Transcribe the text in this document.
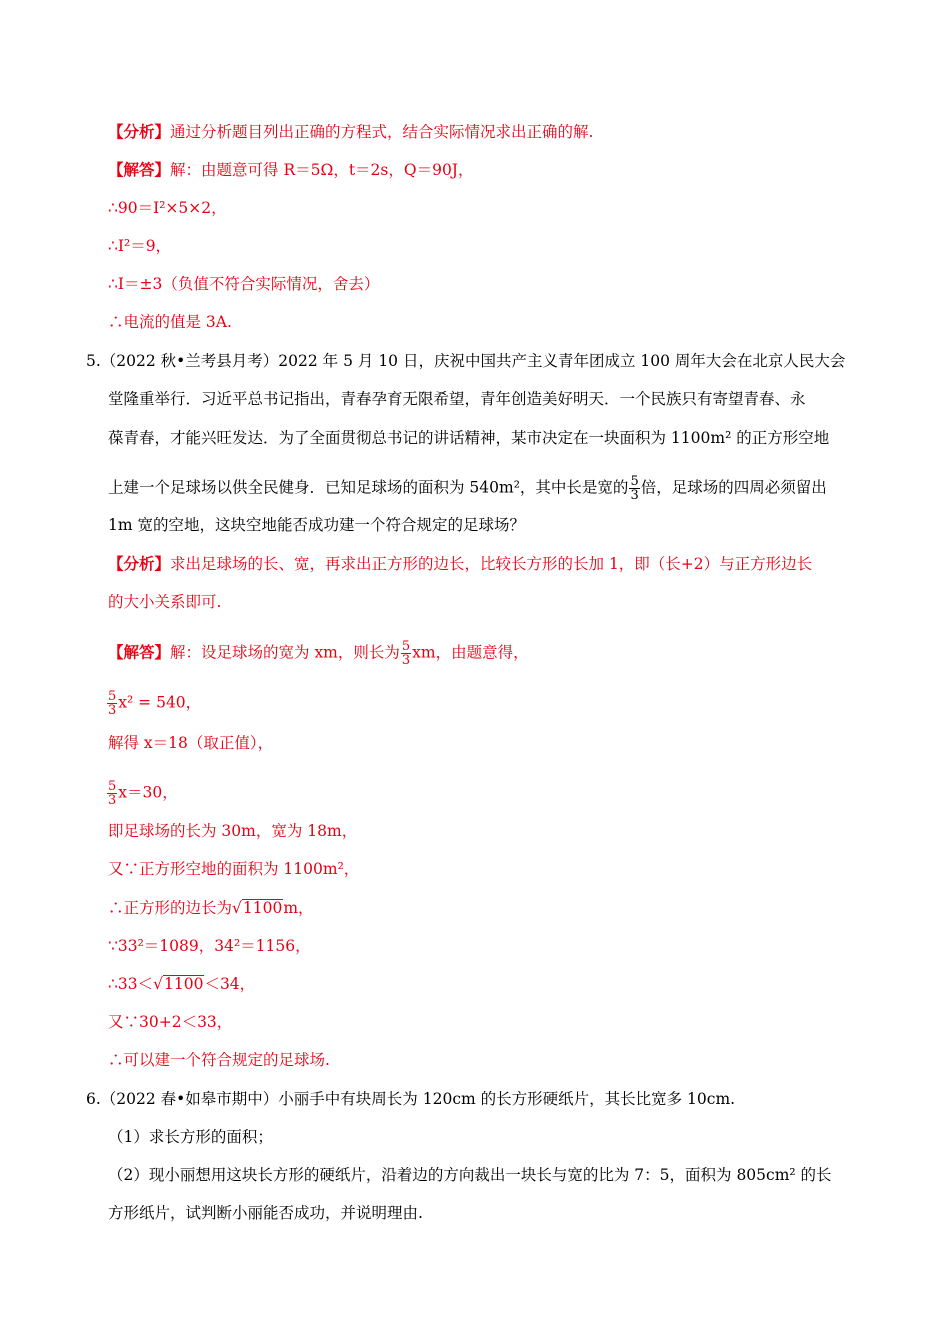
【分析】通过分析题目列出正确的方程式，结合实际情况求出正确的解.
【解答】解：由题意可得 R＝5Ω，t＝2s，Q＝90J，
∴90＝I²×5×2，
∴I²＝9，
∴I＝±3（负值不符合实际情况，舍去）
∴电流的值是 3A.
5.（2022 秋•兰考县月考）2022 年 5 月 10 日，庆祝中国共产主义青年团成立 100 周年大会在北京人民大会
堂隆重举行．习近平总书记指出，青春孕育无限希望，青年创造美好明天．一个民族只有寄望青春、永
葆青春，才能兴旺发达．为了全面贯彻总书记的讲话精神，某市决定在一块面积为 1100m² 的正方形空地
上建一个足球场以供全民健身．已知足球场的面积为 540m²，其中长是宽的 $\frac{5}{3}$ 倍，足球场的四周必须留出
1m 宽的空地，这块空地能否成功建一个符合规定的足球场？
【分析】求出足球场的长、宽，再求出正方形的边长，比较长方形的长加 1，即（长+2）与正方形边长
的大小关系即可.
【解答】解：设足球场的宽为 xm，则长为 $\frac{5}{3}$ xm，由题意得，
$\frac{5}{3} x^2 = 540$，
解得 x＝18（取正值），
$\frac{5}{3} x=30$，
即足球场的长为 30m，宽为 18m，
又∵正方形空地的面积为 1100m²，
∴正方形的边长为√1100m，
∵33²＝1089，34²＝1156，
∴33＜√1100＜34，
又∵30+2＜33，
∴可以建一个符合规定的足球场.
6.（2022 春•如皋市期中）小丽手中有块周长为 120cm 的长方形硬纸片，其长比宽多 10cm.
（1）求长方形的面积；
（2）现小丽想用这块长方形的硬纸片，沿着边的方向裁出一块长与宽的比为 7：5，面积为 805cm² 的长
方形纸片，试判断小丽能否成功，并说明理由.
